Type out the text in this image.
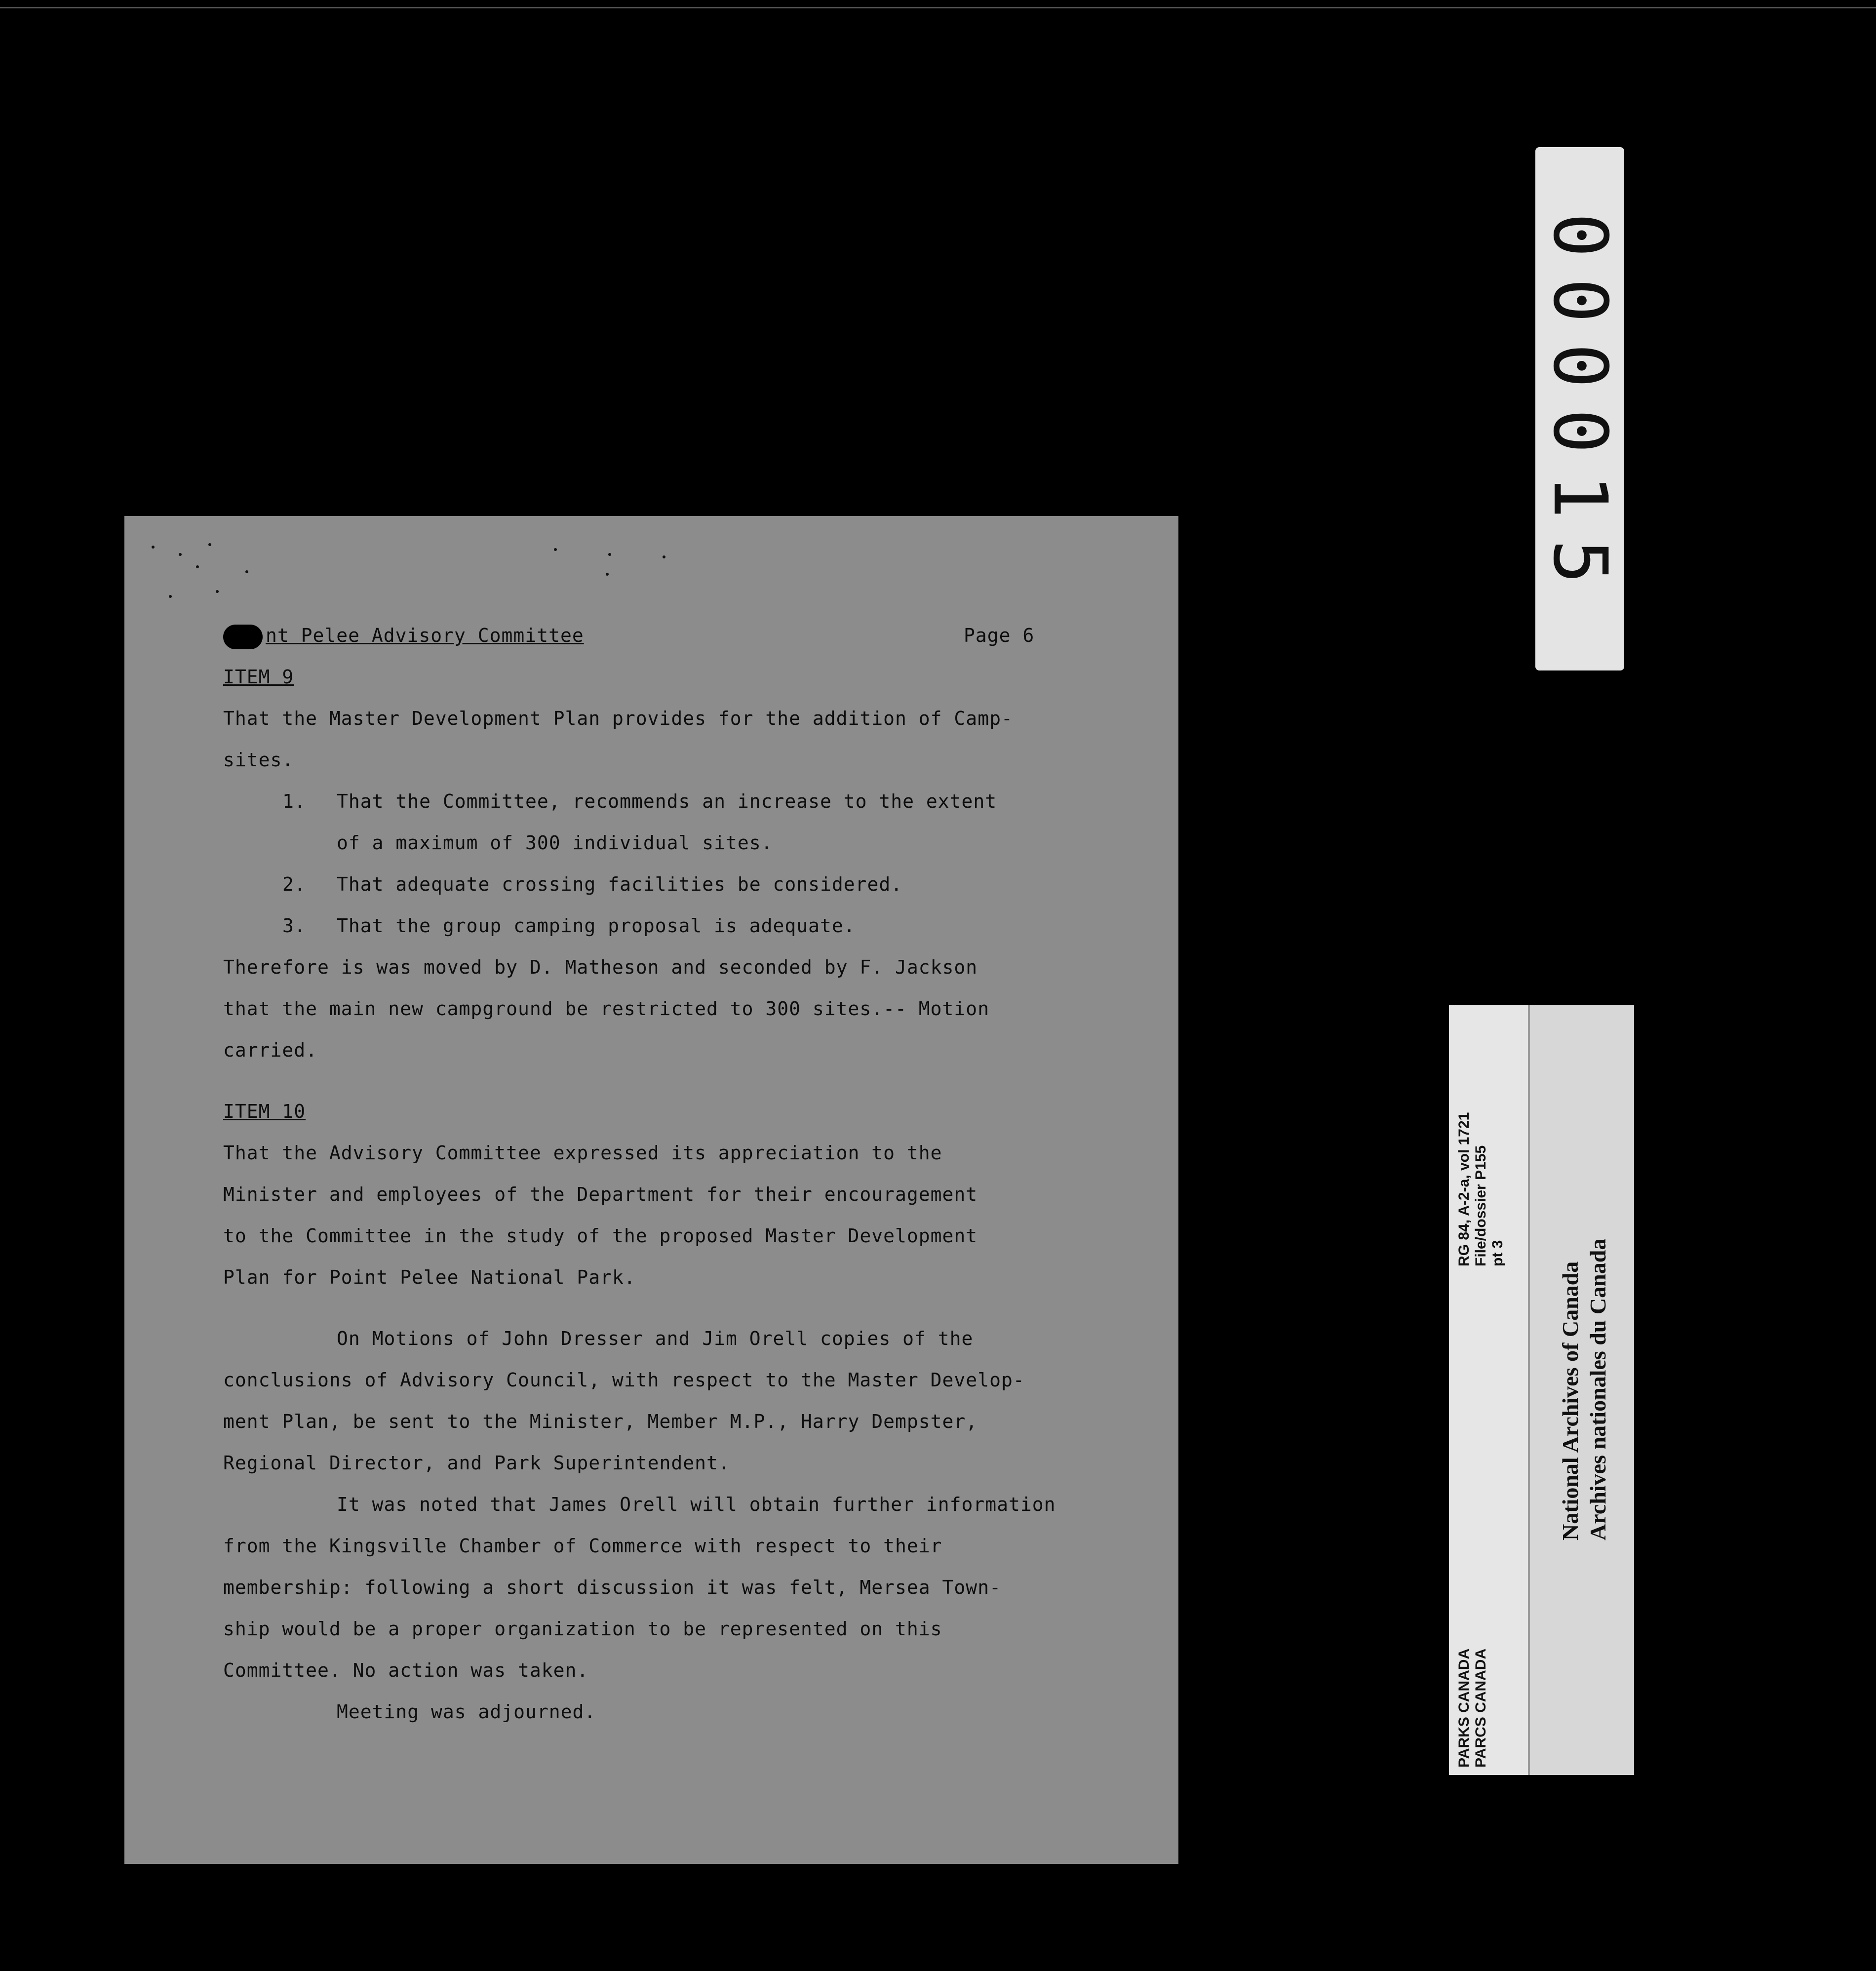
nt Pelee Advisory Committee	Page 6
ITEM 9
That the Master Development Plan provides for the addition of Camp-
sites.
1. That the Committee, recommends an increase to the extent
of a maximum of 300 individual sites.
2. That adequate crossing facilities be considered.
3. That the group camping proposal is adequate.
Therefore is was moved by D. Matheson and seconded by F. Jackson
that the main new campground be restricted to 300 sites.-- Motion
carried.
ITEM 10
That the Advisory Committee expressed its appreciation to the
Minister and employees of the Department for their encouragement
to the Committee in the study of the proposed Master Development
Plan for Point Pelee National Park.
On Motions of John Dresser and Jim Orell copies of the
conclusions of Advisory Council, with respect to the Master Develop-
ment Plan, be sent to the Minister, Member M.P., Harry Dempster,
Regional Director, and Park Superintendent.
It was noted that James Orell will obtain further information
from the Kingsville Chamber of Commerce with respect to their
membership: following a short discussion it was felt, Mersea Town-
ship would be a proper organization to be represented on this
Committee. No action was taken.
Meeting was adjourned.
000015
RG 84, A-2-a, vol 1721 File/dossier P155 pt 3
PARKS CANADA PARCS CANADA
National Archives of Canada Archives nationales du Canada
